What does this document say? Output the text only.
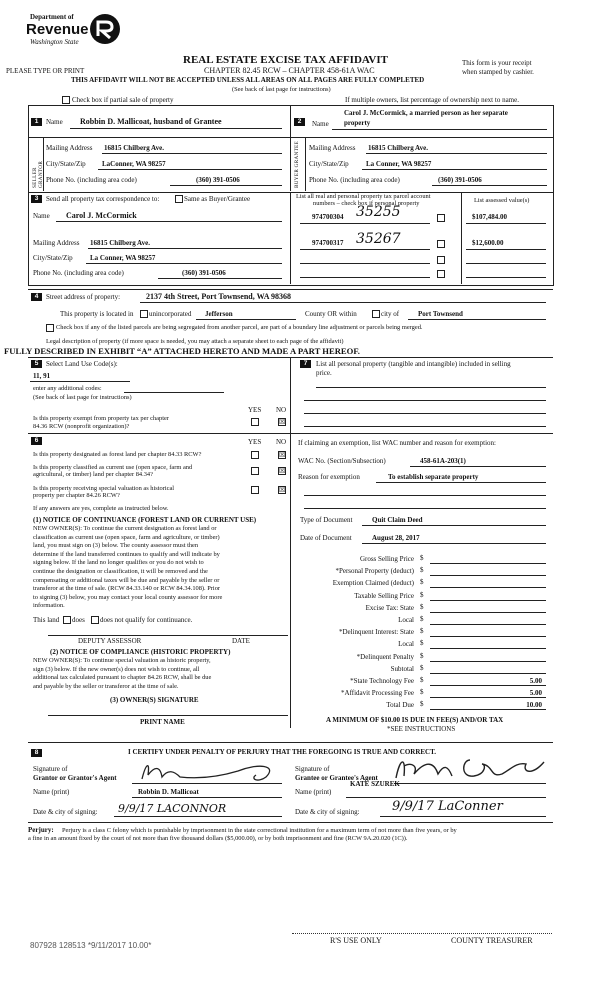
Department of
Revenue
Washington State
REAL ESTATE EXCISE TAX AFFIDAVIT
CHAPTER 82.45 RCW – CHAPTER 458-61A WAC
THIS AFFIDAVIT WILL NOT BE ACCEPTED UNLESS ALL AREAS ON ALL PAGES ARE FULLY COMPLETED
(See back of last page for instructions)
PLEASE TYPE OR PRINT
This form is your receipt
when stamped by cashier.
Check box if partial sale of property	If multiple owners, list percentage of ownership next to name.
1
SELLER GRANTOR
Name Robbin D. Mallicoat, husband of Grantee
Mailing Address 16815 Chilberg Ave.
City/State/Zip LaConner, WA 98257
Phone No. (including area code)	(360) 391-0506
2
BUYER GRANTEE
Name
Carol J. McCormick, a married person as her separate
property
Mailing Address 16815 Chilberg Ave.
City/State/Zip La Conner, WA 98257
Phone No. (including area code)	(360) 391-0506
3	Send all property tax correspondence to:	Same as Buyer/Grantee
Name Carol J. McCormick
Mailing Address 16815 Chilberg Ave.
City/State/Zip La Conner, WA 98257
Phone No. (including area code)	(360) 391-0506
List all real and personal property tax parcel account
numbers – check box if personal property	List assessed value(s)
974700304 35255	$107,484.00
974700317 35267	$12,600.00
4	Street address of property:	2137 4th Street, Port Townsend, WA 98368
This property is located in unincorporated Jefferson	County OR within	city of	Port Townsend
Check box if any of the listed parcels are being segregated from another parcel, are part of a boundary line adjustment or parcels being merged.
Legal description of property (if more space is needed, you may attach a separate sheet to each page of the affidavit)
FULLY DESCRIBED IN EXHIBIT “A” ATTACHED HERETO AND MADE A PART HEREOF.
5	Select Land Use Code(s):
11, 91
enter any additional codes:
(See back of last page for instructions)
YES NO
Is this property exempt from property tax per chapter
84.36 RCW (nonprofit organization)?
☒
7	List all personal property (tangible and intangible) included in selling
price.
6	YES NO
Is this property designated as forest land per chapter 84.33 RCW?	☒
Is this property classified as current use (open space, farm and
agricultural, or timber) land per chapter 84.34?	☒
Is this property receiving special valuation as historical
property per chapter 84.26 RCW?
☒
If any answers are yes, complete as instructed below.
(1) NOTICE OF CONTINUANCE (FOREST LAND OR CURRENT USE)
NEW OWNER(S): To continue the current designation as forest land or
classification as current use (open space, farm and agriculture, or timber)
land, you must sign on (3) below. The county assessor must then
determine if the land transferred continues to qualify and will indicate by
signing below. If the land no longer qualifies or you do not wish to
continue the designation or classification, it will be removed and the
compensating or additional taxes will be due and payable by the seller or
transferor at the time of sale. (RCW 84.33.140 or RCW 84.34.108). Prior
to signing (3) below, you may contact your local county assessor for more
information.
This land does does not qualify for continuance.
DEPUTY ASSESSOR	DATE
(2) NOTICE OF COMPLIANCE (HISTORIC PROPERTY)
NEW OWNER(S): To continue special valuation as historic property,
sign (3) below. If the new owner(s) does not wish to continue, all
additional tax calculated pursuant to chapter 84.26 RCW, shall be due
and payable by the seller or transferor at the time of sale.
(3) OWNER(S) SIGNATURE
PRINT NAME
If claiming an exemption, list WAC number and reason for exemption:
WAC No. (Section/Subsection)	458-61A-203(1)
Reason for exemption	To establish separate property
Type of Document	Quit Claim Deed
Date of Document	August 28, 2017
Gross Selling Price $
*Personal Property (deduct) $
Exemption Claimed (deduct) $
Taxable Selling Price $
Excise Tax: State $
Local $
*Delinquent Interest: State $
Local $
*Delinquent Penalty $
Subtotal $
*State Technology Fee $	5.00
*Affidavit Processing Fee $	5.00
Total Due $	10.00
A MINIMUM OF $10.00 IS DUE IN FEE(S) AND/OR TAX
*SEE INSTRUCTIONS
8	I CERTIFY UNDER PENALTY OF PERJURY THAT THE FOREGOING IS TRUE AND CORRECT.
Signature of
Grantor or Grantor's Agent
Name (print)	Robbin D. Mallicoat
Date & city of signing: 9/9/17 LACONNOR
Signature of
Grantee or Grantee's Agent
Name (print)
KATE SZUREK
Date & city of signing: 9/9/17 LaConner
Perjury: Perjury is a class C felony which is punishable by imprisonment in the state correctional institution for a maximum term of not more than five years, or by
a fine in an amount fixed by the court of not more than five thousand dollars ($5,000.00), or by both imprisonment and fine (RCW 9A.20.020 (1C)).
807928 128513 *9/11/2017 10.00*
R'S USE ONLY	COUNTY TREASURER
